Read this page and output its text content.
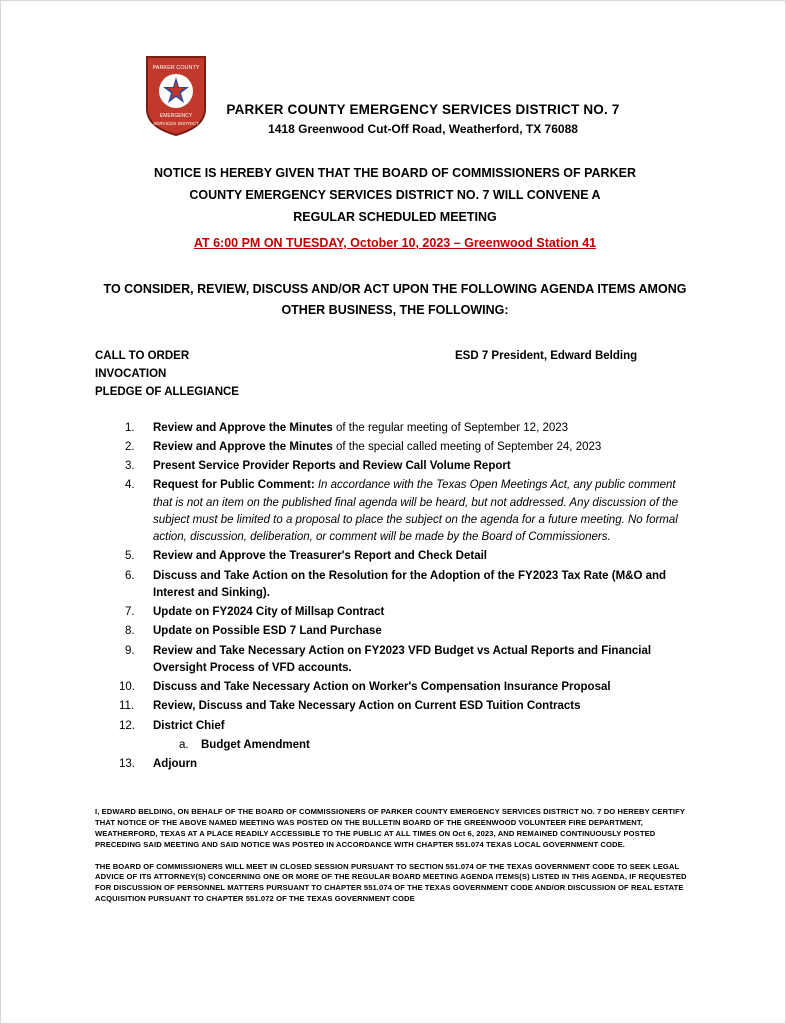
PARKER COUNTY
EMERGENCY
SERVICES DISTRICT
PARKER COUNTY EMERGENCY SERVICES DISTRICT NO. 7
1418 Greenwood Cut-Off Road, Weatherford, TX 76088
NOTICE IS HEREBY GIVEN THAT THE BOARD OF COMMISSIONERS OF PARKER
COUNTY EMERGENCY SERVICES DISTRICT NO. 7 WILL CONVENE A
REGULAR SCHEDULED MEETING
AT 6:00 PM ON TUESDAY, October 10, 2023 – Greenwood Station 41
TO CONSIDER, REVIEW, DISCUSS AND/OR ACT UPON THE FOLLOWING AGENDA ITEMS AMONG OTHER BUSINESS, THE FOLLOWING:
CALL TO ORDER	ESD 7 President, Edward Belding
INVOCATION
PLEDGE OF ALLEGIANCE
Review and Approve the Minutes of the regular meeting of September 12, 2023
Review and Approve the Minutes of the special called meeting of September 24, 2023
Present Service Provider Reports and Review Call Volume Report
Request for Public Comment: In accordance with the Texas Open Meetings Act, any public comment that is not an item on the published final agenda will be heard, but not addressed. Any discussion of the subject must be limited to a proposal to place the subject on the agenda for a future meeting. No formal action, discussion, deliberation, or comment will be made by the Board of Commissioners.
Review and Approve the Treasurer's Report and Check Detail
Discuss and Take Action on the Resolution for the Adoption of the FY2023 Tax Rate (M&O and Interest and Sinking).
Update on FY2024 City of Millsap Contract
Update on Possible ESD 7 Land Purchase
Review and Take Necessary Action on FY2023 VFD Budget vs Actual Reports and Financial Oversight Process of VFD accounts.
Discuss and Take Necessary Action on Worker's Compensation Insurance Proposal
Review, Discuss and Take Necessary Action on Current ESD Tuition Contracts
District Chief
Budget Amendment
Adjourn

I, EDWARD BELDING, ON BEHALF OF THE BOARD OF COMMISSIONERS OF PARKER COUNTY EMERGENCY SERVICES DISTRICT NO. 7 DO HEREBY CERTIFY THAT NOTICE OF THE ABOVE NAMED MEETING WAS POSTED ON THE BULLETIN BOARD OF THE GREENWOOD VOLUNTEER FIRE DEPARTMENT, WEATHERFORD, TEXAS AT A PLACE READILY ACCESSIBLE TO THE PUBLIC AT ALL TIMES ON Oct 6, 2023, AND REMAINED CONTINUOUSLY POSTED PRECEDING SAID MEETING AND SAID NOTICE WAS POSTED IN ACCORDANCE WITH CHAPTER 551.074 TEXAS LOCAL GOVERNMENT CODE.

THE BOARD OF COMMISSIONERS WILL MEET IN CLOSED SESSION PURSUANT TO SECTION 551.074 OF THE TEXAS GOVERNMENT CODE TO SEEK LEGAL ADVICE OF ITS ATTORNEY(S) CONCERNING ONE OR MORE OF THE REGULAR BOARD MEETING AGENDA ITEMS(S) LISTED IN THIS AGENDA, IF REQUESTED FOR DISCUSSION OF PERSONNEL MATTERS PURSUANT TO CHAPTER 551.074 OF THE TEXAS GOVERNMENT CODE AND/OR DISCUSSION OF REAL ESTATE ACQUISITION PURSUANT TO CHAPTER 551.072 OF THE TEXAS GOVERNMENT CODE
